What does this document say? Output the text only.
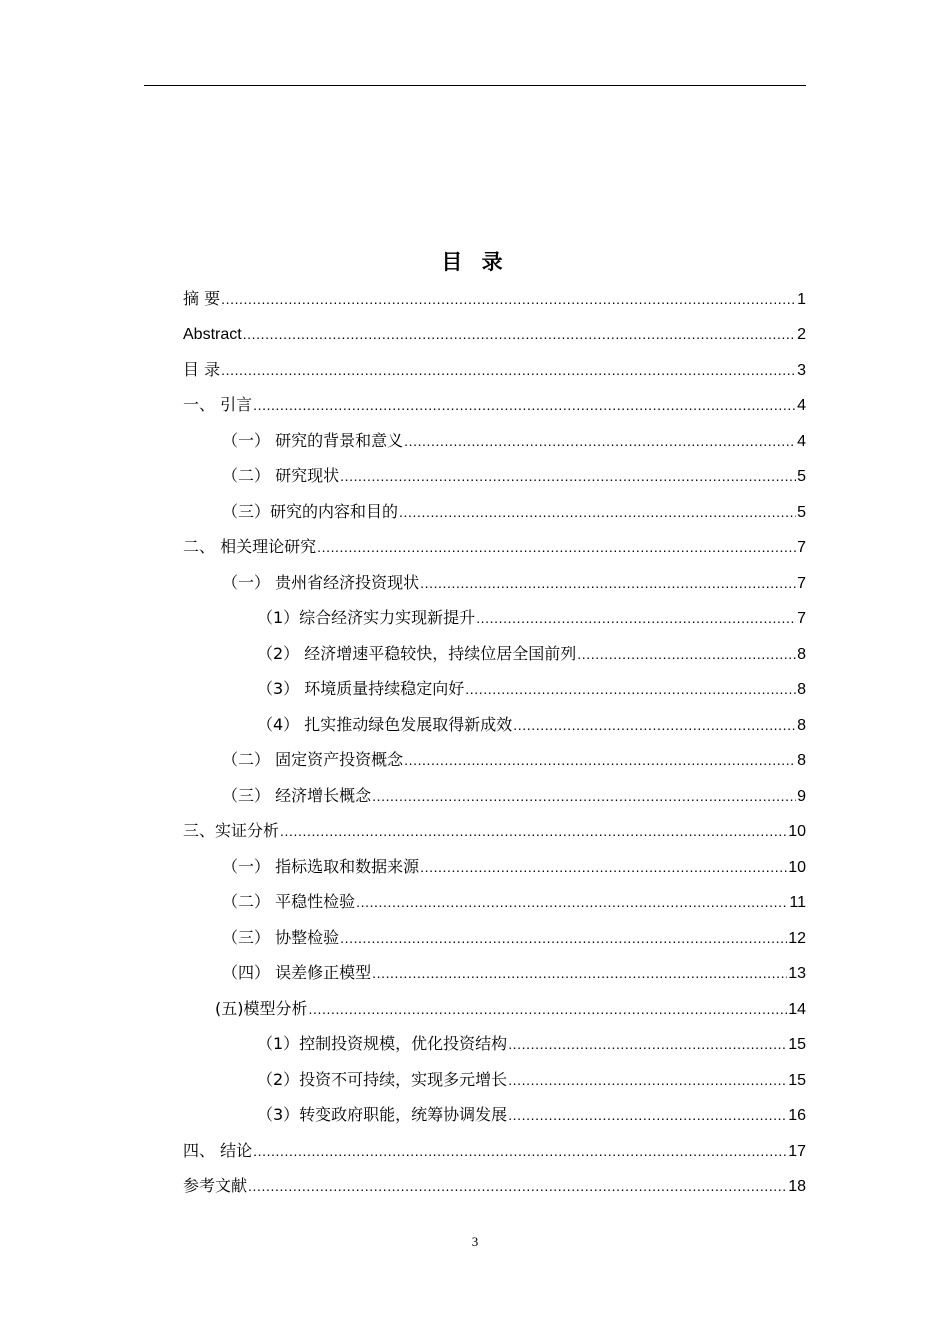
目 录
摘 要 .....	1
Abstract .....	2
目 录 .....	3
一、 引言 .....	4
（一） 研究的背景和意义 .....	4
（二） 研究现状 .....	5
（三）研究的内容和目的 .....	5
二、 相关理论研究 .....	7
（一） 贵州省经济投资现状 .....	7
（1）综合经济实力实现新提升 .....	7
（2） 经济增速平稳较快，持续位居全国前列 .....	8
（3） 环境质量持续稳定向好 .....	8
（4） 扎实推动绿色发展取得新成效 .....	8
（二） 固定资产投资概念 .....	8
（三） 经济增长概念 .....	9
三、实证分析 .....	10
（一） 指标选取和数据来源 .....	10
（二） 平稳性检验 .....	11
（三） 协整检验 .....	12
（四） 误差修正模型 .....	13
(五)模型分析 .....	14
（1）控制投资规模，优化投资结构 .....	15
（2）投资不可持续，实现多元增长 .....	15
（3）转变政府职能，统筹协调发展 .....	16
四、 结论 .....	17
参考文献 .....	18
3
